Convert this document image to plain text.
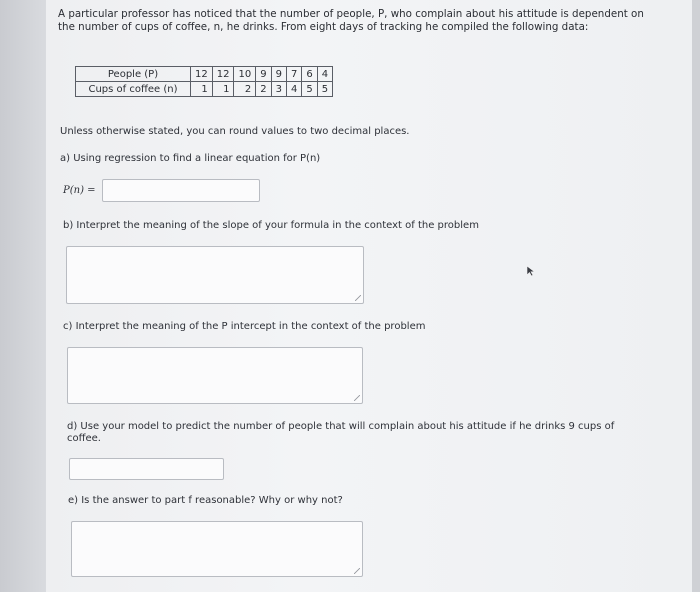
A particular professor has noticed that the number of people, P, who complain about his attitude is dependent on the number of cups of coffee, n, he drinks. From eight days of tracking he compiled the following data:
People (P)	12	12	10	9	9	7	6	4
Cups of coffee (n)	1	1	2	2	3	4	5	5
Unless otherwise stated, you can round values to two decimal places.
a) Using regression to find a linear equation for P(n)
P(n) =
b) Interpret the meaning of the slope of your formula in the context of the problem
c) Interpret the meaning of the P intercept in the context of the problem
d) Use your model to predict the number of people that will complain about his attitude if he drinks 9 cups of coffee.
e) Is the answer to part f reasonable? Why or why not?
